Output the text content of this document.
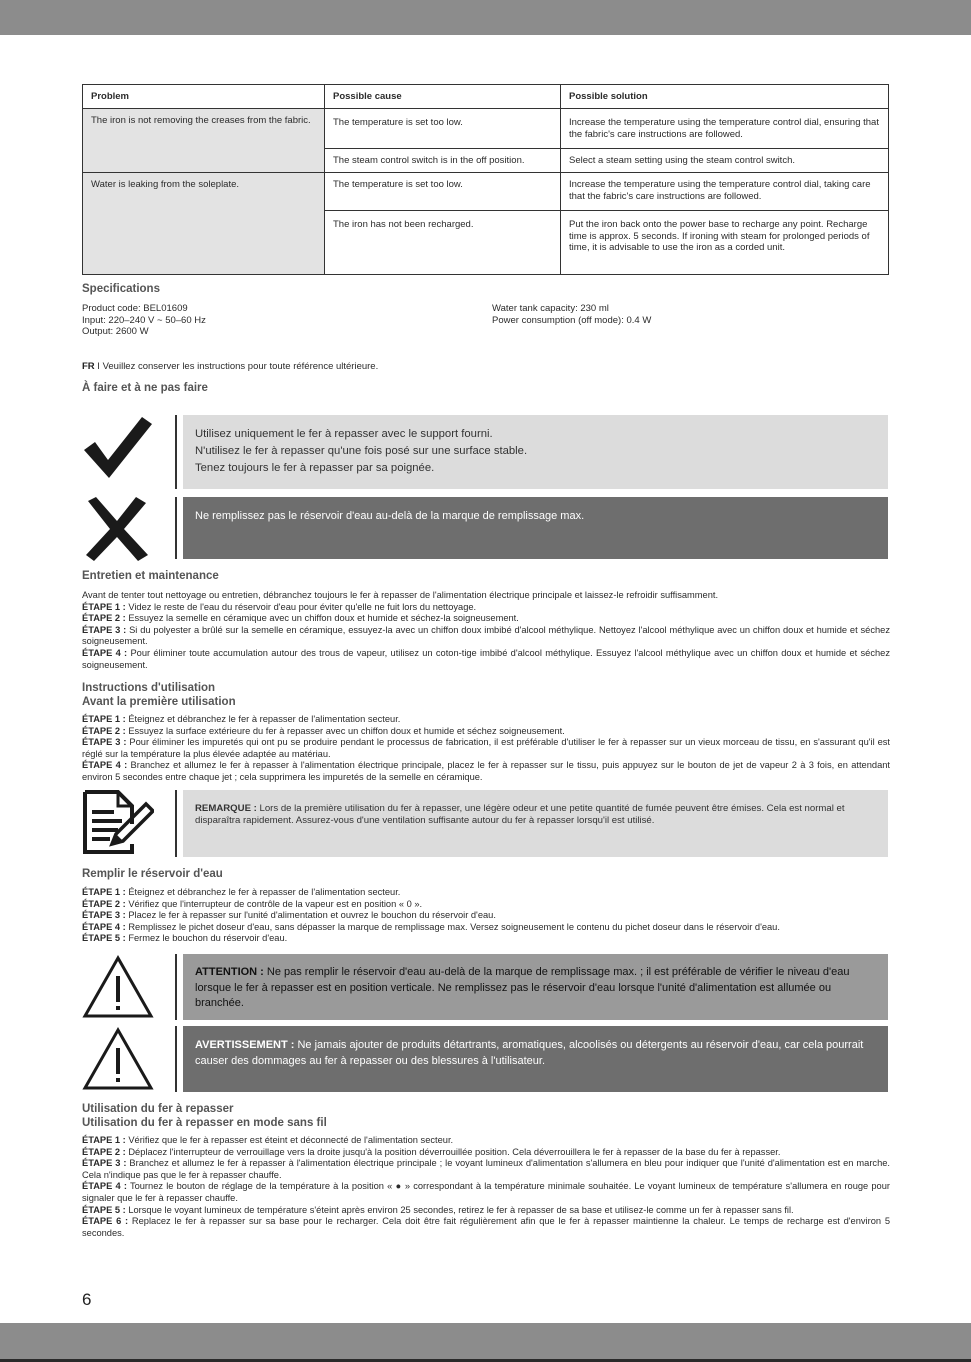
Problem	Possible cause	Possible solution
The iron is not removing the creases from the fabric.	The temperature is set too low.	Increase the temperature using the temperature control dial, ensuring that the fabric's care instructions are followed.
	The steam control switch is in the off position.	Select a steam setting using the steam control switch.
Water is leaking from the soleplate.	The temperature is set too low.	Increase the temperature using the temperature control dial, taking care that the fabric's care instructions are followed.
	The iron has not been recharged.	Put the iron back onto the power base to recharge any point. Recharge time is approx. 5 seconds. If ironing with steam for prolonged periods of time, it is advisable to use the iron as a corded unit.
Specifications
Product code: BEL01609
Input: 220–240 V ~ 50–60 Hz
Output: 2600 W
Water tank capacity: 230 ml
Power consumption (off mode): 0.4 W
FR I Veuillez conserver les instructions pour toute référence ultérieure.
À faire et à ne pas faire

Utilisez uniquement le fer à repasser avec le support fourni.

N'utilisez le fer à repasser qu'une fois posé sur une surface stable.

Tenez toujours le fer à repasser par sa poignée.

Ne remplissez pas le réservoir d'eau au-delà de la marque de remplissage max.

Entretien et maintenance

Avant de tenter tout nettoyage ou entretien, débranchez toujours le fer à repasser de l'alimentation électrique principale et laissez-le refroidir suffisamment.

ÉTAPE 1 : Videz le reste de l'eau du réservoir d'eau pour éviter qu'elle ne fuit lors du nettoyage.

ÉTAPE 2 : Essuyez la semelle en céramique avec un chiffon doux et humide et séchez-la soigneusement.

ÉTAPE 3 : Si du polyester a brûlé sur la semelle en céramique, essuyez-la avec un chiffon doux imbibé d'alcool méthylique. Nettoyez l'alcool méthylique avec un chiffon doux et humide et séchez soigneusement.

ÉTAPE 4 : Pour éliminer toute accumulation autour des trous de vapeur, utilisez un coton-tige imbibé d'alcool méthylique. Essuyez l'alcool méthylique avec un chiffon doux et humide et séchez soigneusement.

Instructions d'utilisation
Avant la première utilisation

ÉTAPE 1 : Éteignez et débranchez le fer à repasser de l'alimentation secteur.

ÉTAPE 2 : Essuyez la surface extérieure du fer à repasser avec un chiffon doux et humide et séchez soigneusement.

ÉTAPE 3 : Pour éliminer les impuretés qui ont pu se produire pendant le processus de fabrication, il est préférable d'utiliser le fer à repasser sur un vieux morceau de tissu, en s'assurant qu'il est réglé sur la température la plus élevée adaptée au matériau.

ÉTAPE 4 : Branchez et allumez le fer à repasser à l'alimentation électrique principale, placez le fer à repasser sur le tissu, puis appuyez sur le bouton de jet de vapeur 2 à 3 fois, en attendant environ 5 secondes entre chaque jet ; cela supprimera les impuretés de la semelle en céramique.

REMARQUE : Lors de la première utilisation du fer à repasser, une légère odeur et une petite quantité de fumée peuvent être émises. Cela est normal et disparaîtra rapidement. Assurez-vous d'une ventilation suffisante autour du fer à repasser lorsqu'il est utilisé.

Remplir le réservoir d'eau

ÉTAPE 1 : Éteignez et débranchez le fer à repasser de l'alimentation secteur.

ÉTAPE 2 : Vérifiez que l'interrupteur de contrôle de la vapeur est en position « 0 ».

ÉTAPE 3 : Placez le fer à repasser sur l'unité d'alimentation et ouvrez le bouchon du réservoir d'eau.

ÉTAPE 4 : Remplissez le pichet doseur d'eau, sans dépasser la marque de remplissage max. Versez soigneusement le contenu du pichet doseur dans le réservoir d'eau.

ÉTAPE 5 : Fermez le bouchon du réservoir d'eau.

ATTENTION : Ne pas remplir le réservoir d'eau au-delà de la marque de remplissage max. ; il est préférable de vérifier le niveau d'eau lorsque le fer à repasser est en position verticale. Ne remplissez pas le réservoir d'eau lorsque l'unité d'alimentation est allumée ou branchée.

AVERTISSEMENT : Ne jamais ajouter de produits détartrants, aromatiques, alcoolisés ou détergents au réservoir d'eau, car cela pourrait causer des dommages au fer à repasser ou des blessures à l'utilisateur.

Utilisation du fer à repasser
Utilisation du fer à repasser en mode sans fil

ÉTAPE 1 : Vérifiez que le fer à repasser est éteint et déconnecté de l'alimentation secteur.

ÉTAPE 2 : Déplacez l'interrupteur de verrouillage vers la droite jusqu'à la position déverrouillée position. Cela déverrouillera le fer à repasser de la base du fer à repasser.

ÉTAPE 3 : Branchez et allumez le fer à repasser à l'alimentation électrique principale ; le voyant lumineux d'alimentation s'allumera en bleu pour indiquer que l'unité d'alimentation est en marche. Cela n'indique pas que le fer à repasser chauffe.

ÉTAPE 4 : Tournez le bouton de réglage de la température à la position « ● » correspondant à la température minimale souhaitée. Le voyant lumineux de température s'allumera en rouge pour signaler que le fer à repasser chauffe.

ÉTAPE 5 : Lorsque le voyant lumineux de température s'éteint après environ 25 secondes, retirez le fer à repasser de sa base et utilisez-le comme un fer à repasser sans fil.

ÉTAPE 6 : Replacez le fer à repasser sur sa base pour le recharger. Cela doit être fait régulièrement afin que le fer à repasser maintienne la chaleur. Le temps de recharge est d'environ 5 secondes.

6
